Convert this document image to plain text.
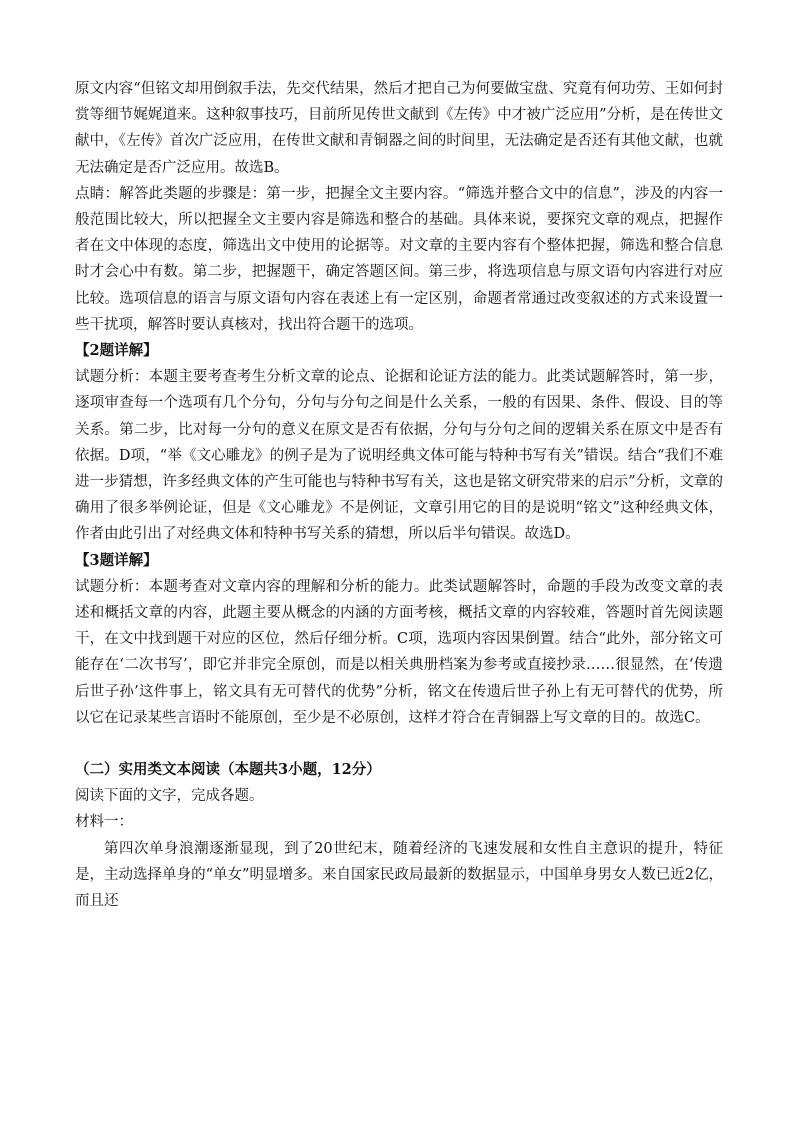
原文内容“但铭文却用倒叙手法，先交代结果，然后才把自己为何要做宝盘、究竟有何功劳、王如何封赏等细节娓娓道来。这种叙事技巧，目前所见传世文献到《左传》中才被广泛应用”分析，是在传世文献中，《左传》首次广泛应用，在传世文献和青铜器之间的时间里，无法确定是否还有其他文献，也就无法确定是否广泛应用。故选B。

点睛：解答此类题的步骤是：第一步，把握全文主要内容。“筛选并整合文中的信息”，涉及的内容一般范围比较大，所以把握全文主要内容是筛选和整合的基础。具体来说，要探究文章的观点，把握作者在文中体现的态度，筛选出文中使用的论据等。对文章的主要内容有个整体把握，筛选和整合信息时才会心中有数。第二步，把握题干，确定答题区间。第三步，将选项信息与原文语句内容进行对应比较。选项信息的语言与原文语句内容在表述上有一定区别，命题者常通过改变叙述的方式来设置一些干扰项，解答时要认真核对，找出符合题干的选项。

【2题详解】

试题分析：本题主要考查考生分析文章的论点、论据和论证方法的能力。此类试题解答时，第一步，逐项审查每一个选项有几个分句，分句与分句之间是什么关系，一般的有因果、条件、假设、目的等关系。第二步，比对每一分句的意义在原文是否有依据，分句与分句之间的逻辑关系在原文中是否有依据。D项，“举《文心雕龙》的例子是为了说明经典文体可能与特种书写有关”错误。结合“我们不难进一步猜想，许多经典文体的产生可能也与特种书写有关，这也是铭文研究带来的启示”分析，文章的确用了很多举例论证，但是《文心雕龙》不是例证，文章引用它的目的是说明“铭文”这种经典文体，作者由此引出了对经典文体和特种书写关系的猜想，所以后半句错误。故选D。

【3题详解】

试题分析：本题考查对文章内容的理解和分析的能力。此类试题解答时，命题的手段为改变文章的表述和概括文章的内容，此题主要从概念的内涵的方面考核，概括文章的内容较难，答题时首先阅读题干，在文中找到题干对应的区位，然后仔细分析。C项，选项内容因果倒置。结合“此外，部分铭文可能存在‘二次书写’，即它并非完全原创，而是以相关典册档案为参考或直接抄录……很显然，在‘传遗后世子孙’这件事上，铭文具有无可替代的优势”分析，铭文在传遗后世子孙上有无可替代的优势，所以它在记录某些言语时不能原创，至少是不必原创，这样才符合在青铜器上写文章的目的。故选C。

（二）实用类文本阅读（本题共3小题，12分）

阅读下面的文字，完成各题。

材料一：

第四次单身浪潮逐渐显现，到了20世纪末，随着经济的飞速发展和女性自主意识的提升，特征是，主动选择单身的“单女”明显增多。来自国家民政局最新的数据显示，中国单身男女人数已近2亿，而且还
